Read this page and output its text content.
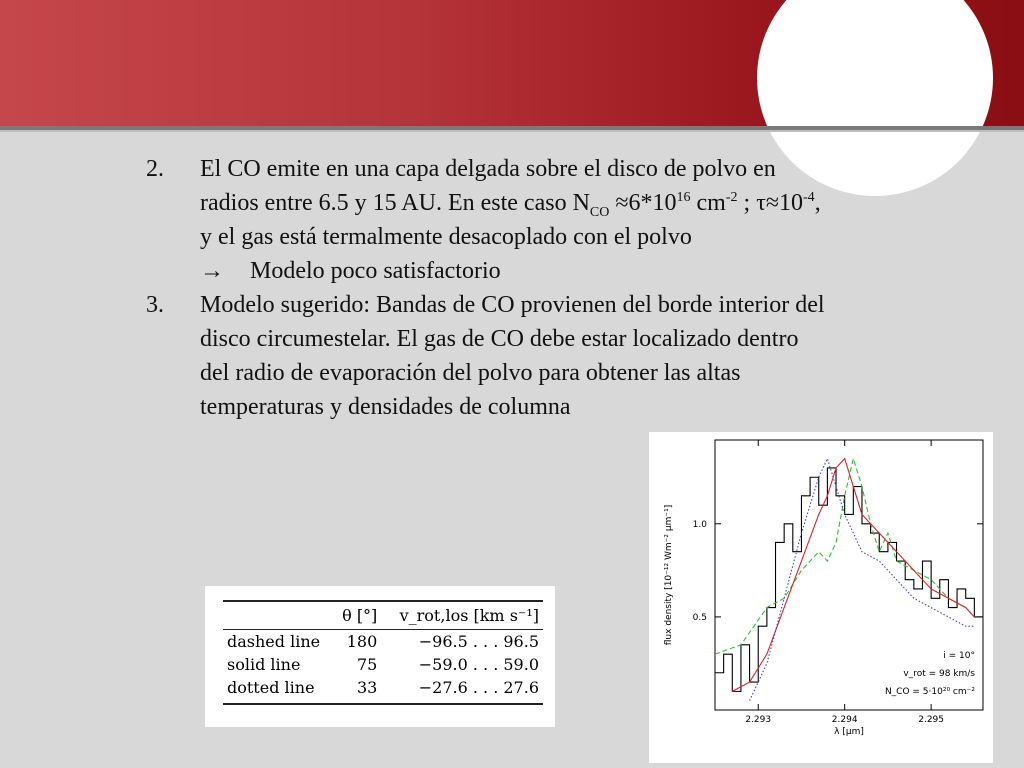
2. El CO emite en una capa delgada sobre el disco de polvo en
radios entre 6.5 y 15 AU. En este caso $N_{CO} \approx 6*10^{16}$ $cm^{-2}$ ; $\tau\approx 10^{-4}$,
y el gas está termalmente desacoplado con el polvo
→ Modelo poco satisfactorio
3. Modelo sugerido: Bandas de CO provienen del borde interior del
disco circumestelar. El gas de CO debe estar localizado dentro
del radio de evaporación del polvo para obtener las altas
temperaturas y densidades de columna
	θ [°]	v_rot,los [km s⁻¹]
dashed line	180	−96.5 . . . 96.5
solid line	75	−59.0 . . . 59.0
dotted line	33	−27.6 . . . 27.6
2.293	2.294	2.295
0.5
1.0
λ [μm]
flux density [10⁻¹² Wm⁻² μm⁻¹]
i = 10°
v_rot = 98 km/s
N_CO = 5·10²⁰ cm⁻²
